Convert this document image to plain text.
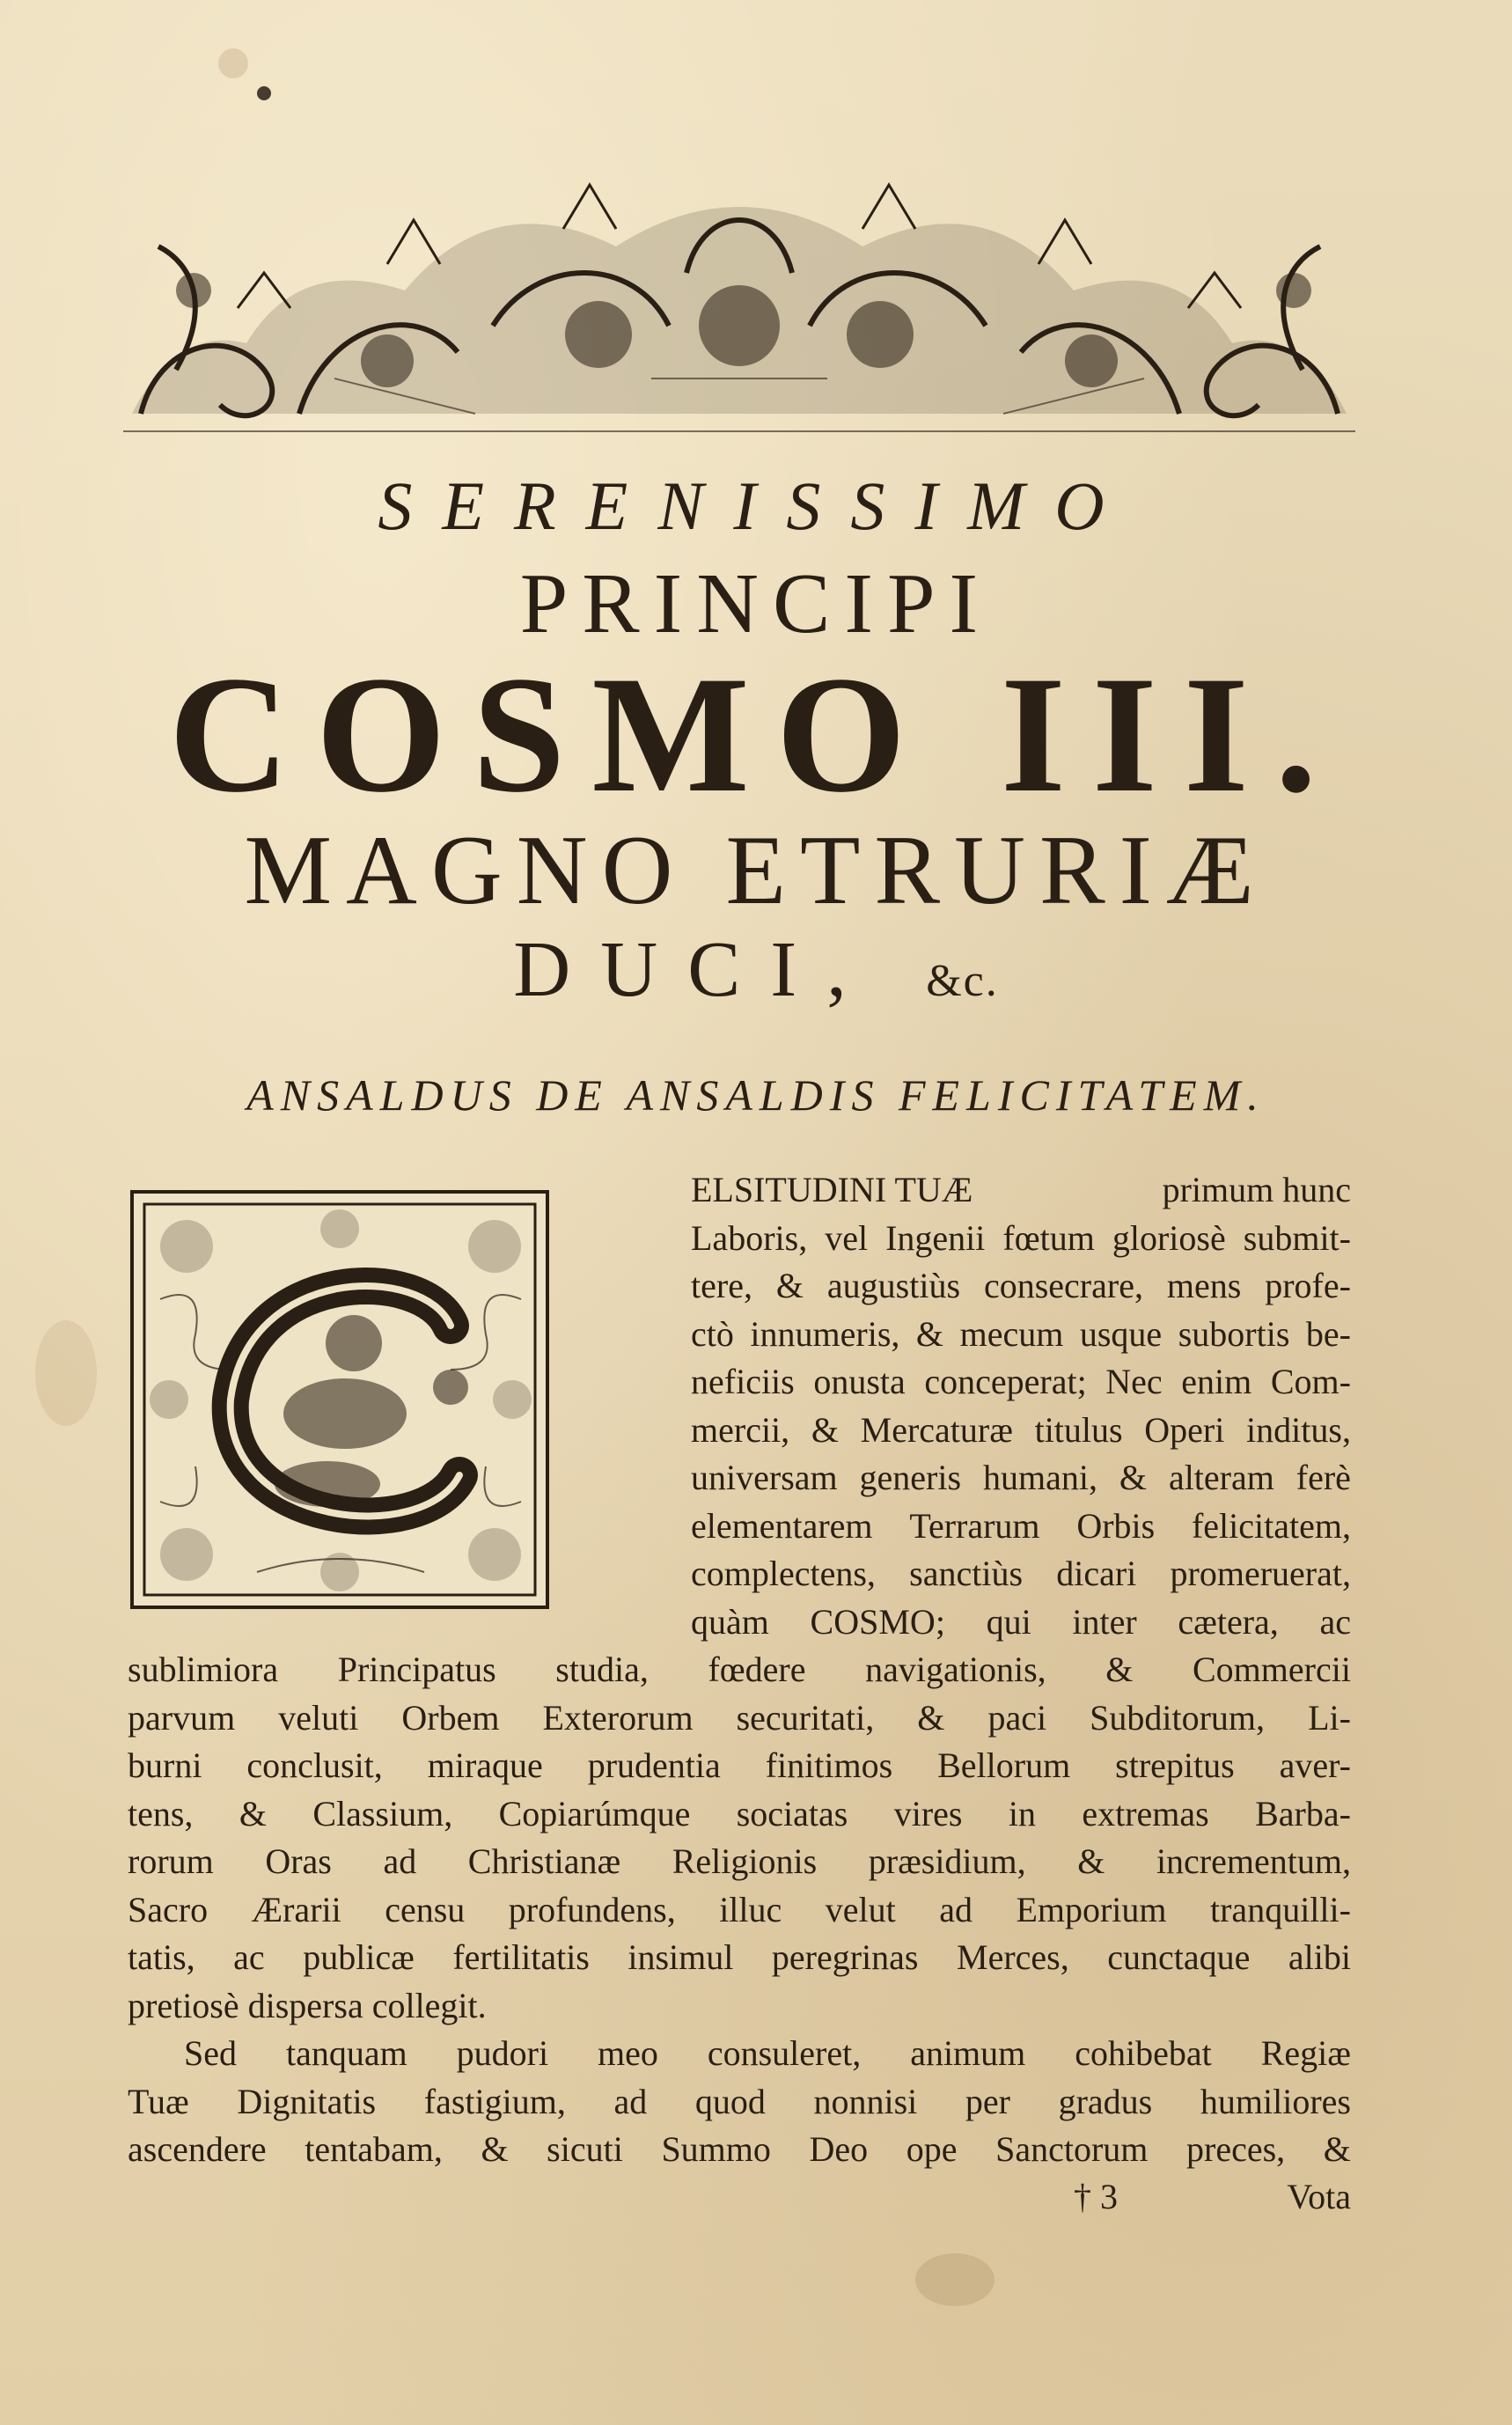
SERENISSIMO
PRINCIPI
COSMO III.
MAGNO ETRURIÆ
DUCI, &c.
ANSALDUS DE ANSALDIS FELICITATEM.
ELSITUDINI TUÆ	primum hunc
Laboris, vel Ingenii fœtum gloriosè submit-
tere, & augustiùs consecrare, mens profe-
ctò innumeris, & mecum usque subortis be-
neficiis onusta conceperat; Nec enim Com-
mercii, & Mercaturæ titulus Operi inditus,
universam generis humani, & alteram ferè
elementarem Terrarum Orbis felicitatem,
complectens, sanctiùs dicari promeruerat,
quàm COSMO; qui inter cætera, ac
sublimiora Principatus studia, fœdere navigationis, & Commercii
parvum veluti Orbem Exterorum securitati, & paci Subditorum, Li-
burni conclusit, miraque prudentia finitimos Bellorum strepitus aver-
tens, & Classium, Copiarúmque sociatas vires in extremas Barba-
rorum Oras ad Christianæ Religionis præsidium, & incrementum,
Sacro Ærarii censu profundens, illuc velut ad Emporium tranquilli-
tatis, ac publicæ fertilitatis insimul peregrinas Merces, cunctaque alibi
pretiosè dispersa collegit.
Sed tanquam pudori meo consuleret, animum cohibebat Regiæ
Tuæ Dignitatis fastigium, ad quod nonnisi per gradus humiliores
ascendere tentabam, & sicuti Summo Deo ope Sanctorum preces, &
† 3	Vota
